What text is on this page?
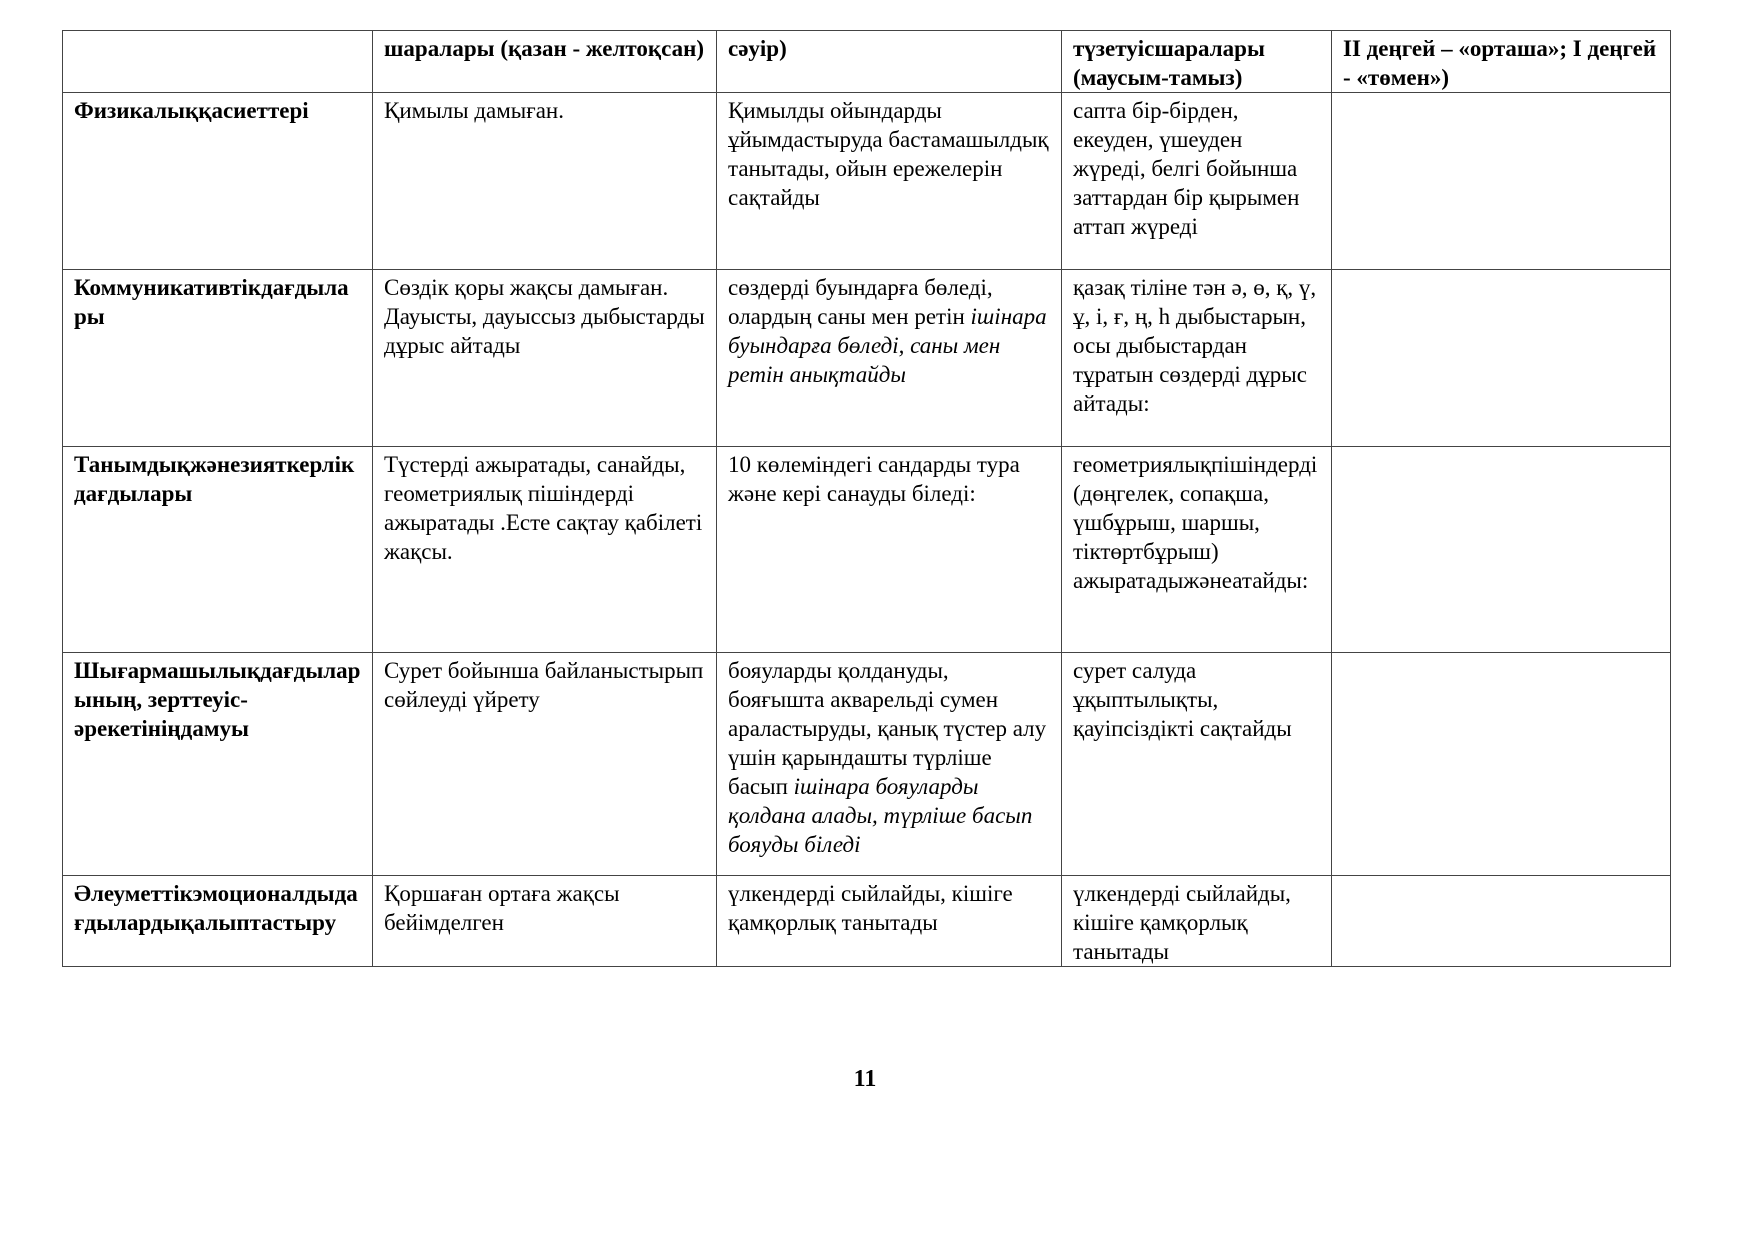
	шаралары (қазан - желтоқсан)	сәуір)	түзетуісшаралары (маусым-тамыз)	II деңгей – «орташа»; I деңгей - «төмен»)
Физикалыққасиеттері	Қимылы дамыған.	Қимылды ойындарды ұйымдастыруда бастамашылдық танытады, ойын ережелерін сақтайды	сапта бір-бірден, екеуден, үшеуден жүреді, белгі бойынша заттардан бір қырымен аттап жүреді	
Коммуникативтікдағдылары	Сөздік қоры жақсы дамыған. Дауысты, дауыссыз дыбыстарды дұрыс айтады	сөздерді буындарға бөледі, олардың саны мен ретін ішінара буындарға бөледі, саны мен ретін анықтайды	қазақ тіліне тән ә, ө, қ, ү, ұ, і, ғ, ң, һ дыбыстарын, осы дыбыстардан тұратын сөздерді дұрыс айтады:	
Танымдықжәнезияткерлікдағдылары	Түстерді ажыратады, санайды, геометриялық пішіндерді ажыратады .Есте сақтау қабілеті жақсы.	10 көлеміндегі сандарды тура және кері санауды біледі:	геометриялықпішіндерді (дөңгелек, сопақша, үшбұрыш, шаршы, тіктөртбұрыш) ажыратадыжәнеатайды:	
Шығармашылықдағдыларының, зерттеуіс-әрекетініңдамуы	Сурет бойынша байланыстырып сөйлеуді үйрету	бояуларды қолдануды, бояғышта акварельді сумен араластыруды, қанық түстер алу үшін қарындашты түрліше басып ішінара бояуларды қолдана алады, түрліше басып бояуды біледі	сурет салуда ұқыптылықты, қауіпсіздікті сақтайды	
Әлеуметтікэмоционалдыдағдылардықалыптастыру	Қоршаған ортаға жақсы бейімделген	үлкендерді сыйлайды, кішіге қамқорлық танытады	үлкендерді сыйлайды, кішіге қамқорлық танытады	
11
